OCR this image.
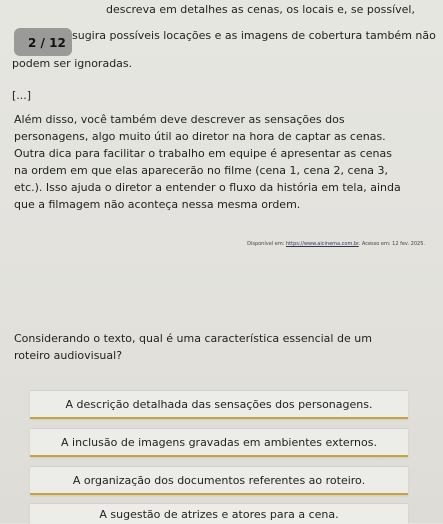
descreva em detalhes as cenas, os locais e, se possível,
2 / 12
sugira possíveis locações e as imagens de cobertura também não
podem ser ignoradas.
[...]
Além disso, você também deve descrever as sensações dos
personagens, algo muito útil ao diretor na hora de captar as cenas.
Outra dica para facilitar o trabalho em equipe é apresentar as cenas
na ordem em que elas aparecerão no filme (cena 1, cena 2, cena 3,
etc.). Isso ajuda o diretor a entender o fluxo da história em tela, ainda
que a filmagem não aconteça nessa mesma ordem.
Disponível em: https://www.aicinema.com.br. Acesso em: 12 fev. 2025.
Considerando o texto, qual é uma característica essencial de um
roteiro audiovisual?
A descrição detalhada das sensações dos personagens.
A inclusão de imagens gravadas em ambientes externos.
A organização dos documentos referentes ao roteiro.
A sugestão de atrizes e atores para a cena.
